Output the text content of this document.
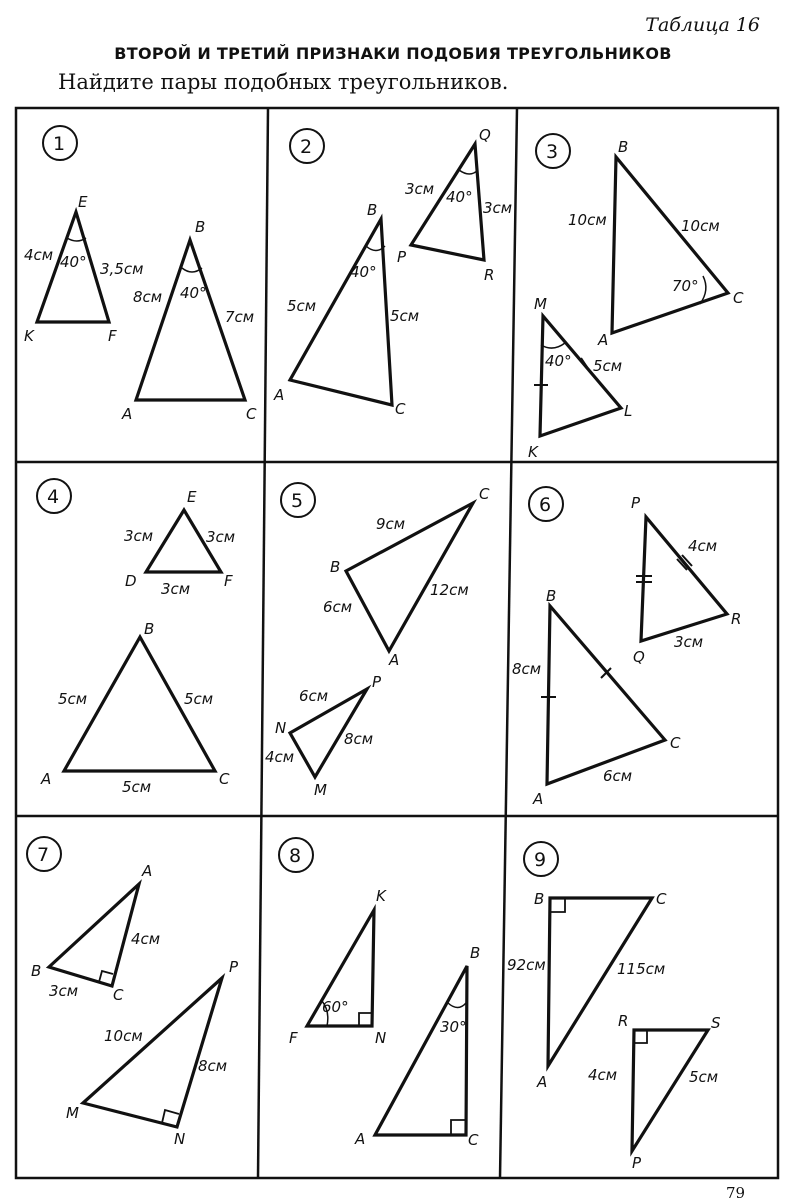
Таблица 16
ВТОРОЙ И ТРЕТИЙ ПРИЗНАКИ ПОДОБИЯ ТРЕУГОЛЬНИКОВ
Найдите пары подобных треугольников.
1
E
K	F
4см
3,5см
40°
B
A	C
8см
7см
40°
2
Q
P
R
3см
3см
40°
B
A
C
5см
5см
40°
3	B
A
C
10см	10см
70°
M
K
L
40° 5см
4	E
D	F
3см	3см
3см
B
A	C
5см	5см
5см
5	C
B
A
9см
6см
12см
P
N
M
6см
4см
8см
6	P
Q
R
4см
3см
B
A
C
8см
6см
7
A
B
C
4см
3см
P
M
N
10см
8см
8
K
F	N
60°
B
A	C
30°
9
B	C
A
92см	115см
R	S
P
4см	5см
79
